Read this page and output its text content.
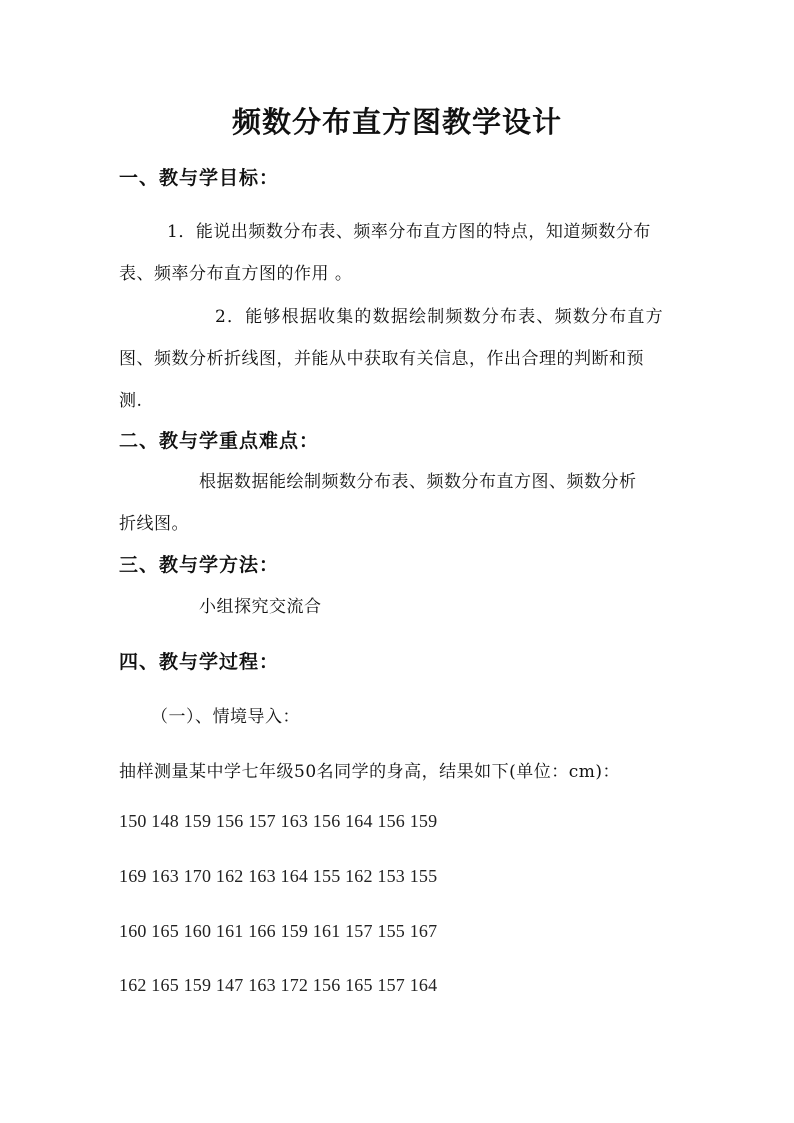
频数分布直方图教学设计
一、教与学目标：
1．能说出频数分布表、频率分布直方图的特点，知道频数分布
表、频率分布直方图的作用 。
2．能够根据收集的数据绘制频数分布表、频数分布直方
图、频数分析折线图，并能从中获取有关信息，作出合理的判断和预
测.
二、教与学重点难点：
根据数据能绘制频数分布表、频数分布直方图、频数分析
折线图。
三、教与学方法：
小组探究交流合
四、教与学过程：
（一）、情境导入：
抽样测量某中学七年级50名同学的身高，结果如下(单位：cm)：
150 148 159 156 157 163 156 164 156 159
169 163 170 162 163 164 155 162 153 155
160 165 160 161 166 159 161 157 155 167
162 165 159 147 163 172 156 165 157 164
